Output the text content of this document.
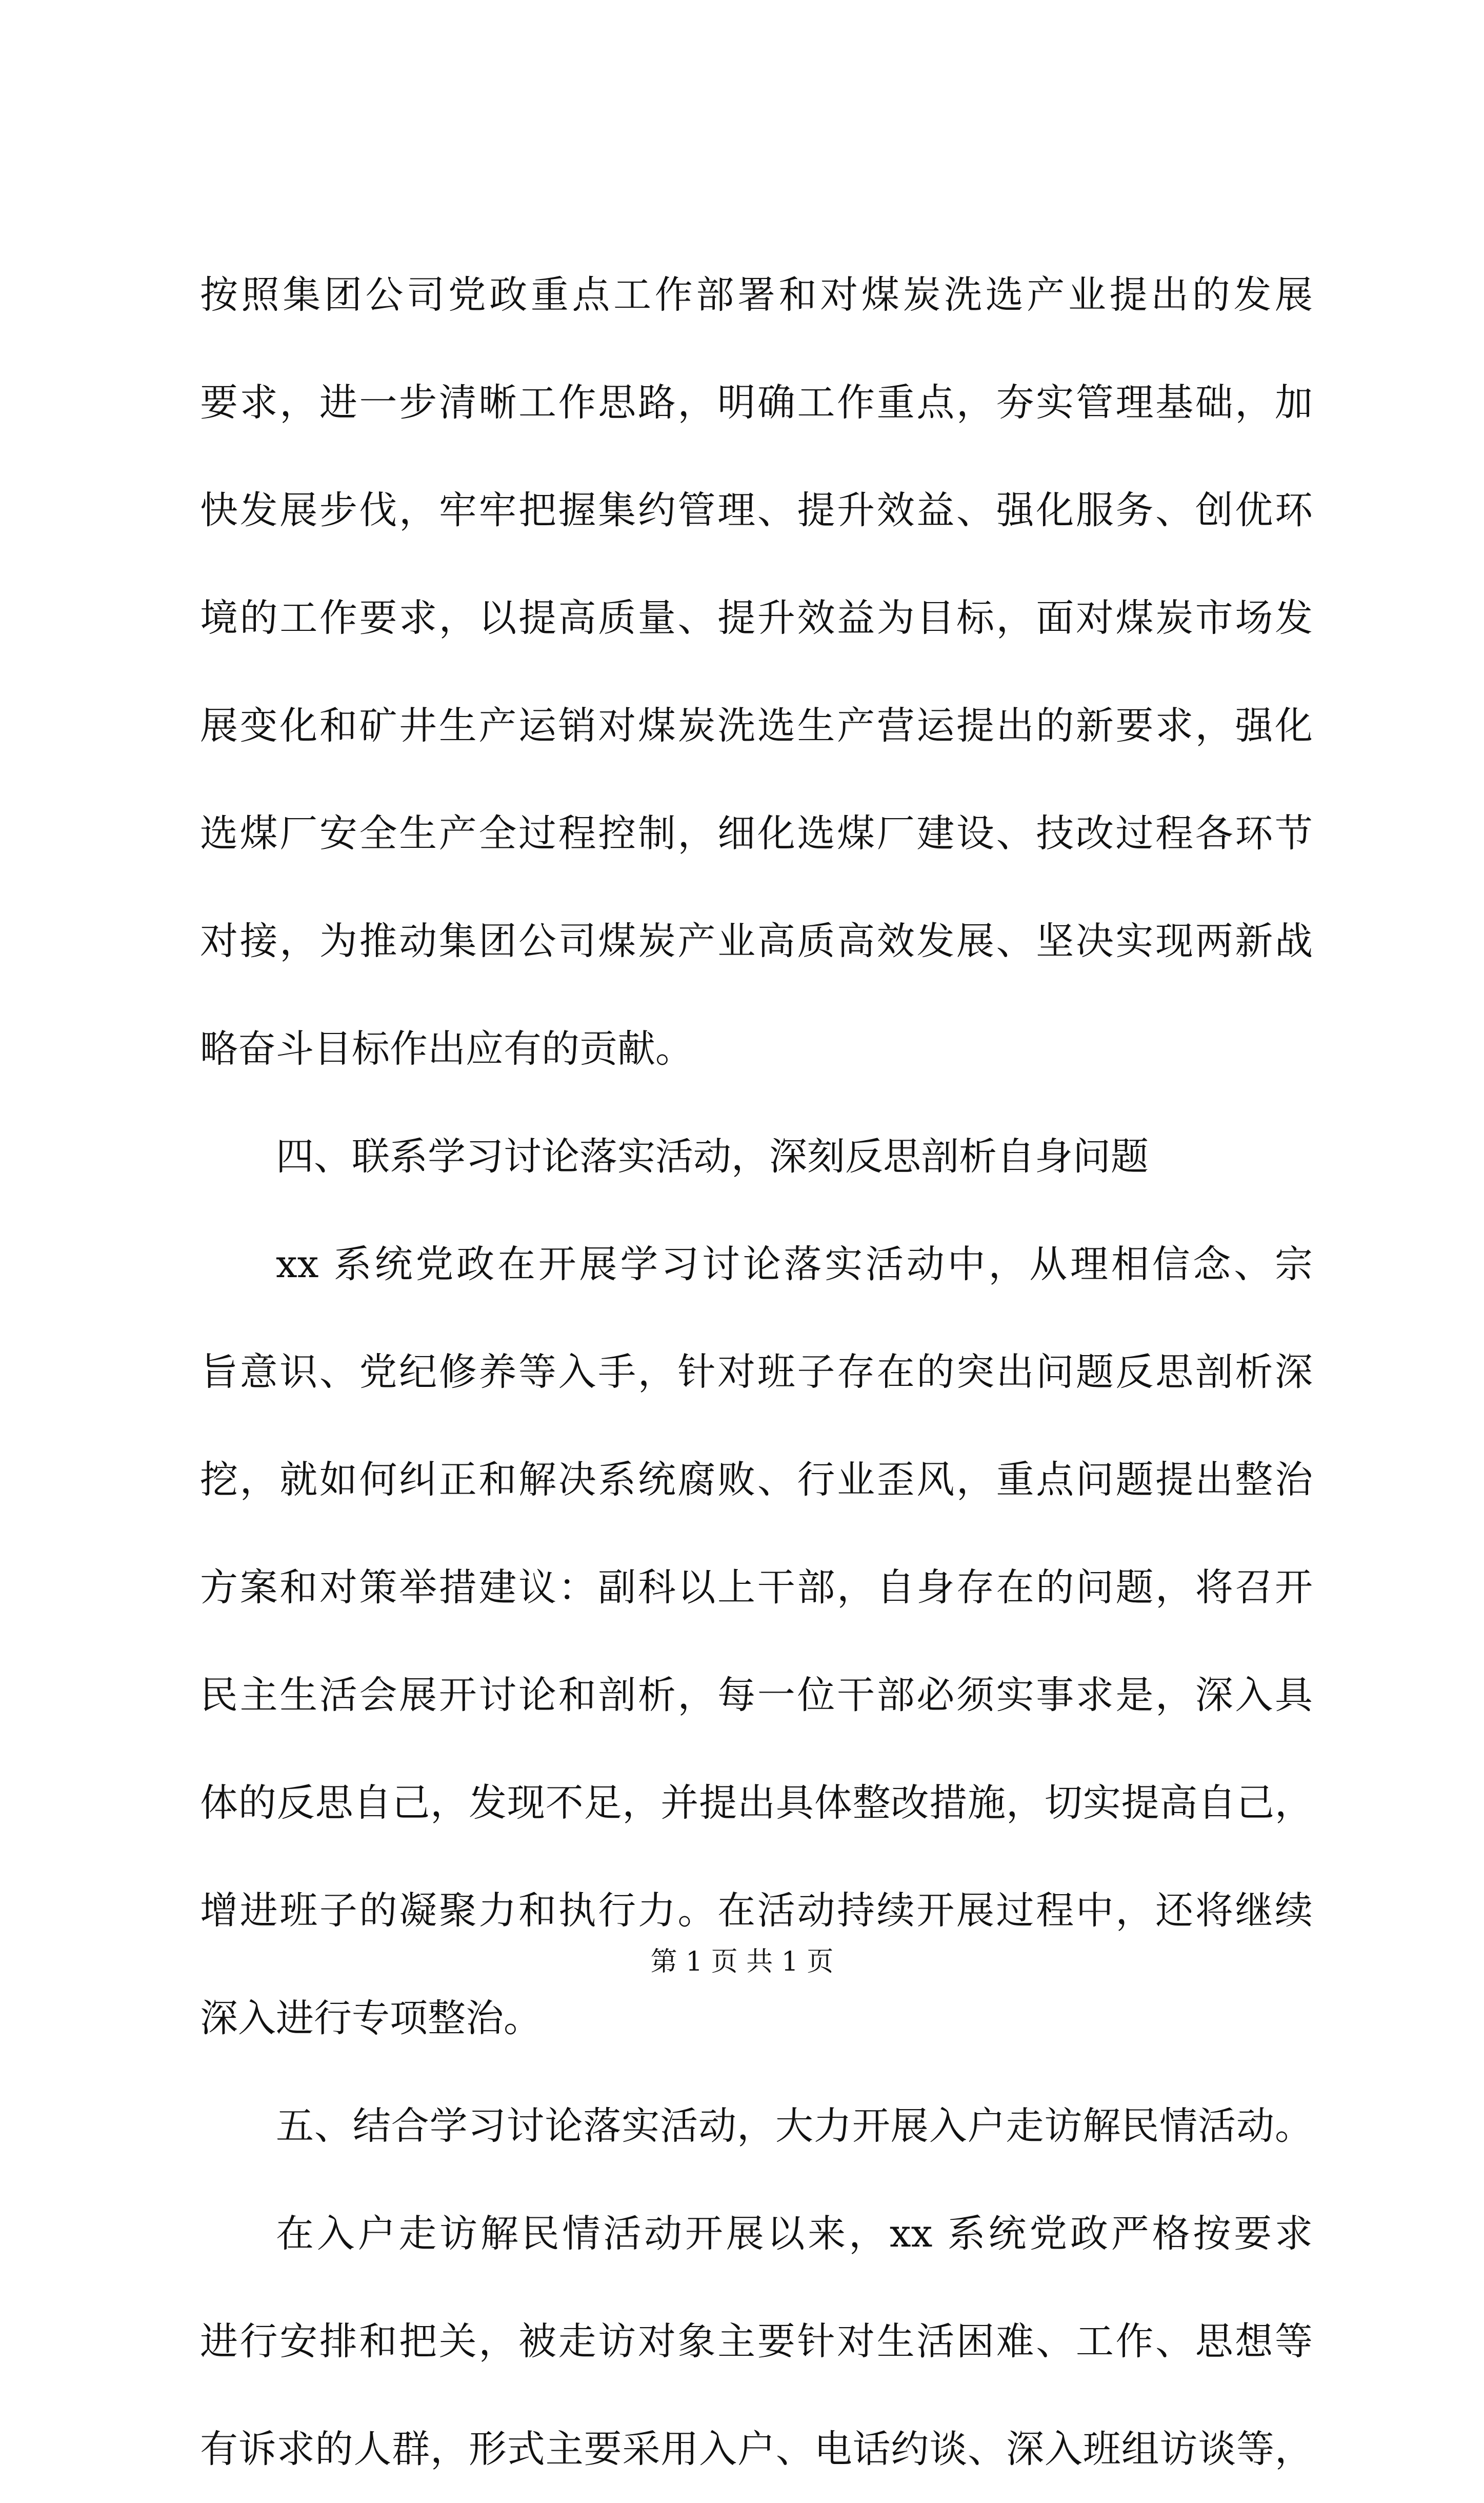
按照集团公司党政重点工作部署和对煤炭洗选产业提出的发展
要求，进一步清晰工作思路，明确工作重点，夯实管理基础，加
快发展步伐，牢牢把握集约管理、提升效益、强化服务、创优环
境的工作要求，以提高质量、提升效益为目标，面对煤炭市场发
展变化和矿井生产运销对煤炭洗选生产营运提出的新要求，强化
选煤厂安全生产全过程控制，细化选煤厂建设、技改过程各环节
对接，为推动集团公司煤炭产业高质高效发展、坚决实现两新战
略奋斗目标作出应有的贡献。
四、联系学习讨论落实活动，深刻反思剖析自身问题
xx 系统党政在开展学习讨论落实活动中，从理相信念、宗
旨意识、党纪修养等入手，针对班子存在的突出问题反思剖析深
挖，就如何纠正和解决系统腐败、行业歪风，重点问题提出整治
方案和对策举措建议：副科以上干部，自身存在的问题，将召开
民主生活会展开讨论和剖析，每一位干部必须实事求是，深入具
体的反思自己，发现不足，并提出具体整改措施，切实提高自己，
增进班子的凝聚力和执行力。在活动持续开展过程中，还将继续
深入进行专项整治。
五、结合学习讨论落实活动，大力开展入户走访解民情活动。
在入户走访解民情活动开展以来，xx 系统党政严格按要求
进行安排和把关，被走访对象主要针对生活困难、工作、思想等
有诉求的人群，形式主要采用入户、电话约谈、深入班组访谈等，
第 1 页 共 1 页
